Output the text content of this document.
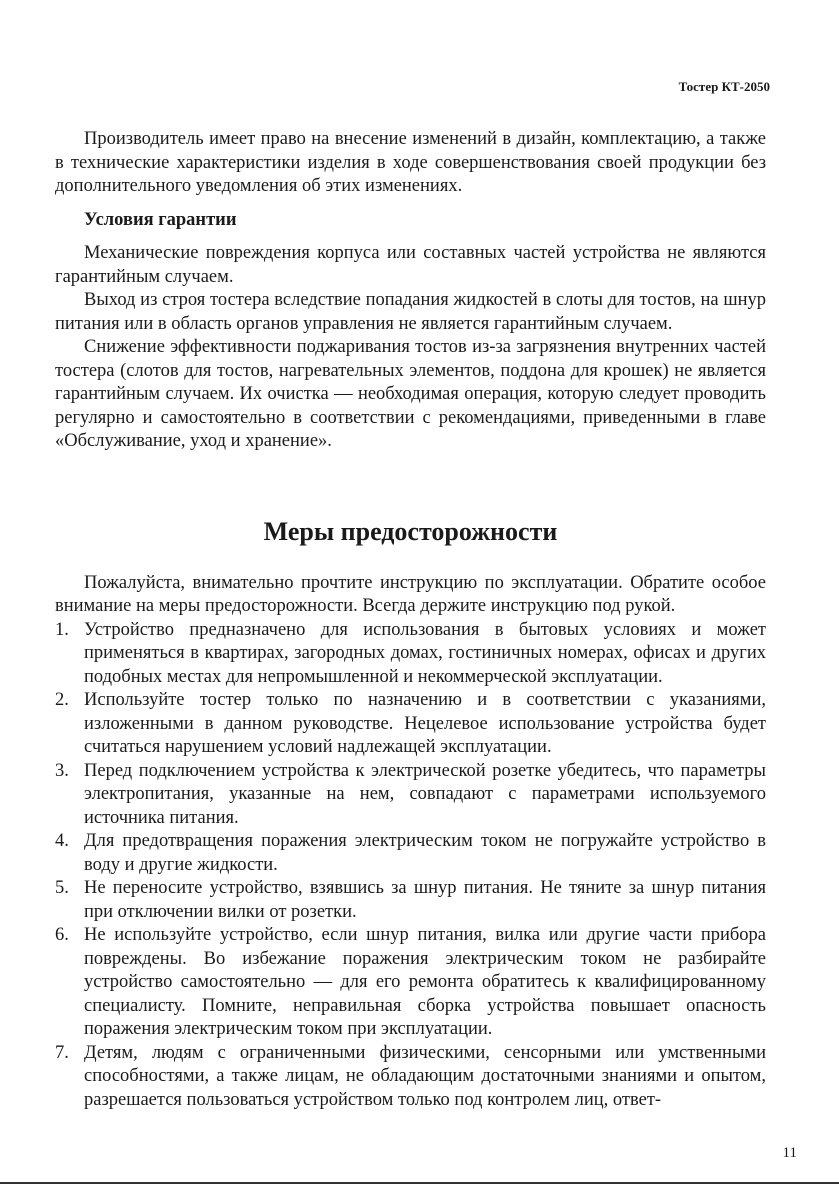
Тостер КТ-2050

Производитель имеет право на внесение изменений в дизайн, комплектацию, а также в технические характеристики изделия в ходе совершенствования своей продукции без дополнительного уведомления об этих изменениях.

Условия гарантии

Механические повреждения корпуса или составных частей устройства не являются гарантийным случаем.

Выход из строя тостера вследствие попадания жидкостей в слоты для тостов, на шнур питания или в область органов управления не является гарантийным случаем.

Снижение эффективности поджаривания тостов из-за загрязнения внутренних частей тостера (слотов для тостов, нагревательных элементов, поддона для крошек) не является гарантийным случаем. Их очистка — необходимая операция, которую следует проводить регулярно и самостоятельно в соответствии с рекомендациями, приведенными в главе «Обслуживание, уход и хранение».

Меры предосторожности

Пожалуйста, внимательно прочтите инструкцию по эксплуатации. Обратите особое внимание на меры предосторожности. Всегда держите инструкцию под рукой.

1. Устройство предназначено для использования в бытовых условиях и может применяться в квартирах, загородных домах, гостиничных номерах, офисах и других подобных местах для непромышленной и некоммерческой эксплуатации.
2. Используйте тостер только по назначению и в соответствии с указаниями, изложенными в данном руководстве. Нецелевое использование устройства будет считаться нарушением условий надлежащей эксплуатации.
3. Перед подключением устройства к электрической розетке убедитесь, что параметры электропитания, указанные на нем, совпадают с параметрами используемого источника питания.
4. Для предотвращения поражения электрическим током не погружайте устройство в воду и другие жидкости.
5. Не переносите устройство, взявшись за шнур питания. Не тяните за шнур питания при отключении вилки от розетки.
6. Не используйте устройство, если шнур питания, вилка или другие части прибора повреждены. Во избежание поражения электрическим током не разбирайте устройство самостоятельно — для его ремонта обратитесь к квалифицированному специалисту. Помните, неправильная сборка устройства повышает опасность поражения электрическим током при эксплуатации.
7. Детям, людям с ограниченными физическими, сенсорными или умственными способностями, а также лицам, не обладающим достаточными знаниями и опытом, разрешается пользоваться устройством только под контролем лиц, ответ-
11
